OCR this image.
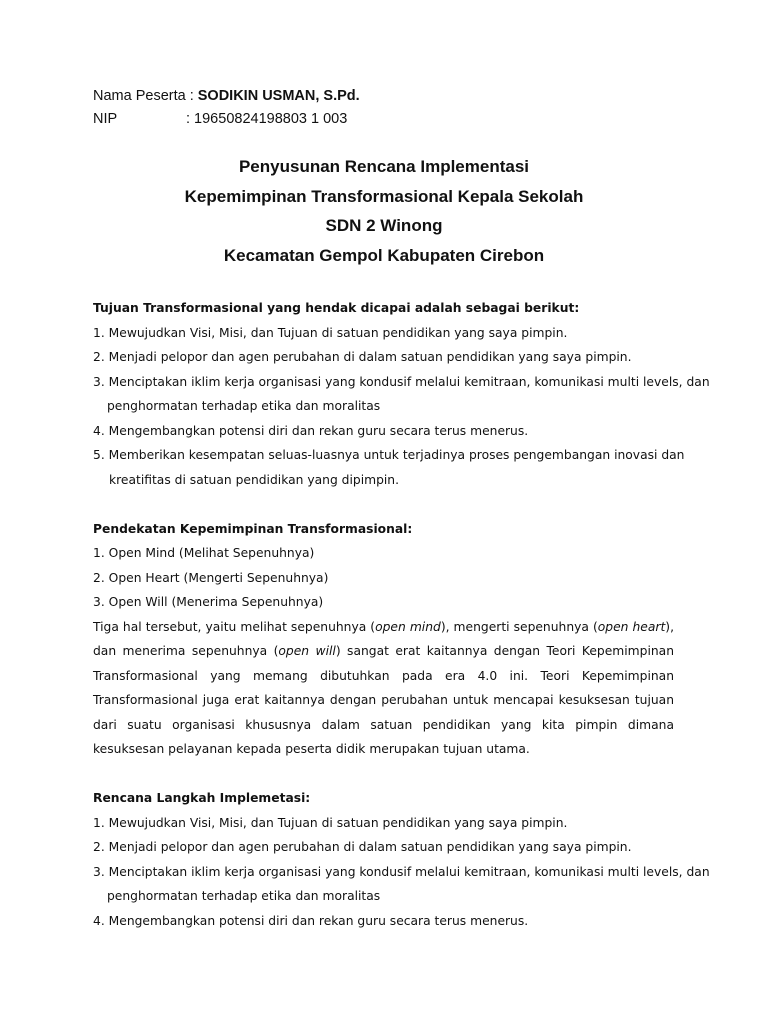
Nama Peserta : SODIKIN USMAN, S.Pd.
NIP	: 19650824198803 1 003
Penyusunan Rencana Implementasi
Kepemimpinan Transformasional Kepala Sekolah
SDN 2 Winong
Kecamatan Gempol Kabupaten Cirebon
Tujuan Transformasional yang hendak dicapai adalah sebagai berikut:
1. Mewujudkan Visi, Misi, dan Tujuan di satuan pendidikan yang saya pimpin.
2. Menjadi pelopor dan agen perubahan di dalam satuan pendidikan yang saya pimpin.
3. Menciptakan iklim kerja organisasi yang kondusif melalui kemitraan, komunikasi multi levels, dan
penghormatan terhadap etika dan moralitas
4. Mengembangkan potensi diri dan rekan guru secara terus menerus.
5. Memberikan kesempatan seluas-luasnya untuk terjadinya proses pengembangan inovasi dan
kreatifitas di satuan pendidikan yang dipimpin.
Pendekatan Kepemimpinan Transformasional:
1. Open Mind (Melihat Sepenuhnya)
2. Open Heart (Mengerti Sepenuhnya)
3. Open Will (Menerima Sepenuhnya)
Tiga hal tersebut, yaitu melihat sepenuhnya (open mind), mengerti sepenuhnya (open heart), dan menerima sepenuhnya (open will) sangat erat kaitannya dengan Teori Kepemimpinan Transformasional yang memang dibutuhkan pada era 4.0 ini. Teori Kepemimpinan Transformasional juga erat kaitannya dengan perubahan untuk mencapai kesuksesan tujuan dari suatu organisasi khususnya dalam satuan pendidikan yang kita pimpin dimana kesuksesan pelayanan kepada peserta didik merupakan tujuan utama.
Rencana Langkah Implemetasi:
1. Mewujudkan Visi, Misi, dan Tujuan di satuan pendidikan yang saya pimpin.
2. Menjadi pelopor dan agen perubahan di dalam satuan pendidikan yang saya pimpin.
3. Menciptakan iklim kerja organisasi yang kondusif melalui kemitraan, komunikasi multi levels, dan
penghormatan terhadap etika dan moralitas
4. Mengembangkan potensi diri dan rekan guru secara terus menerus.
